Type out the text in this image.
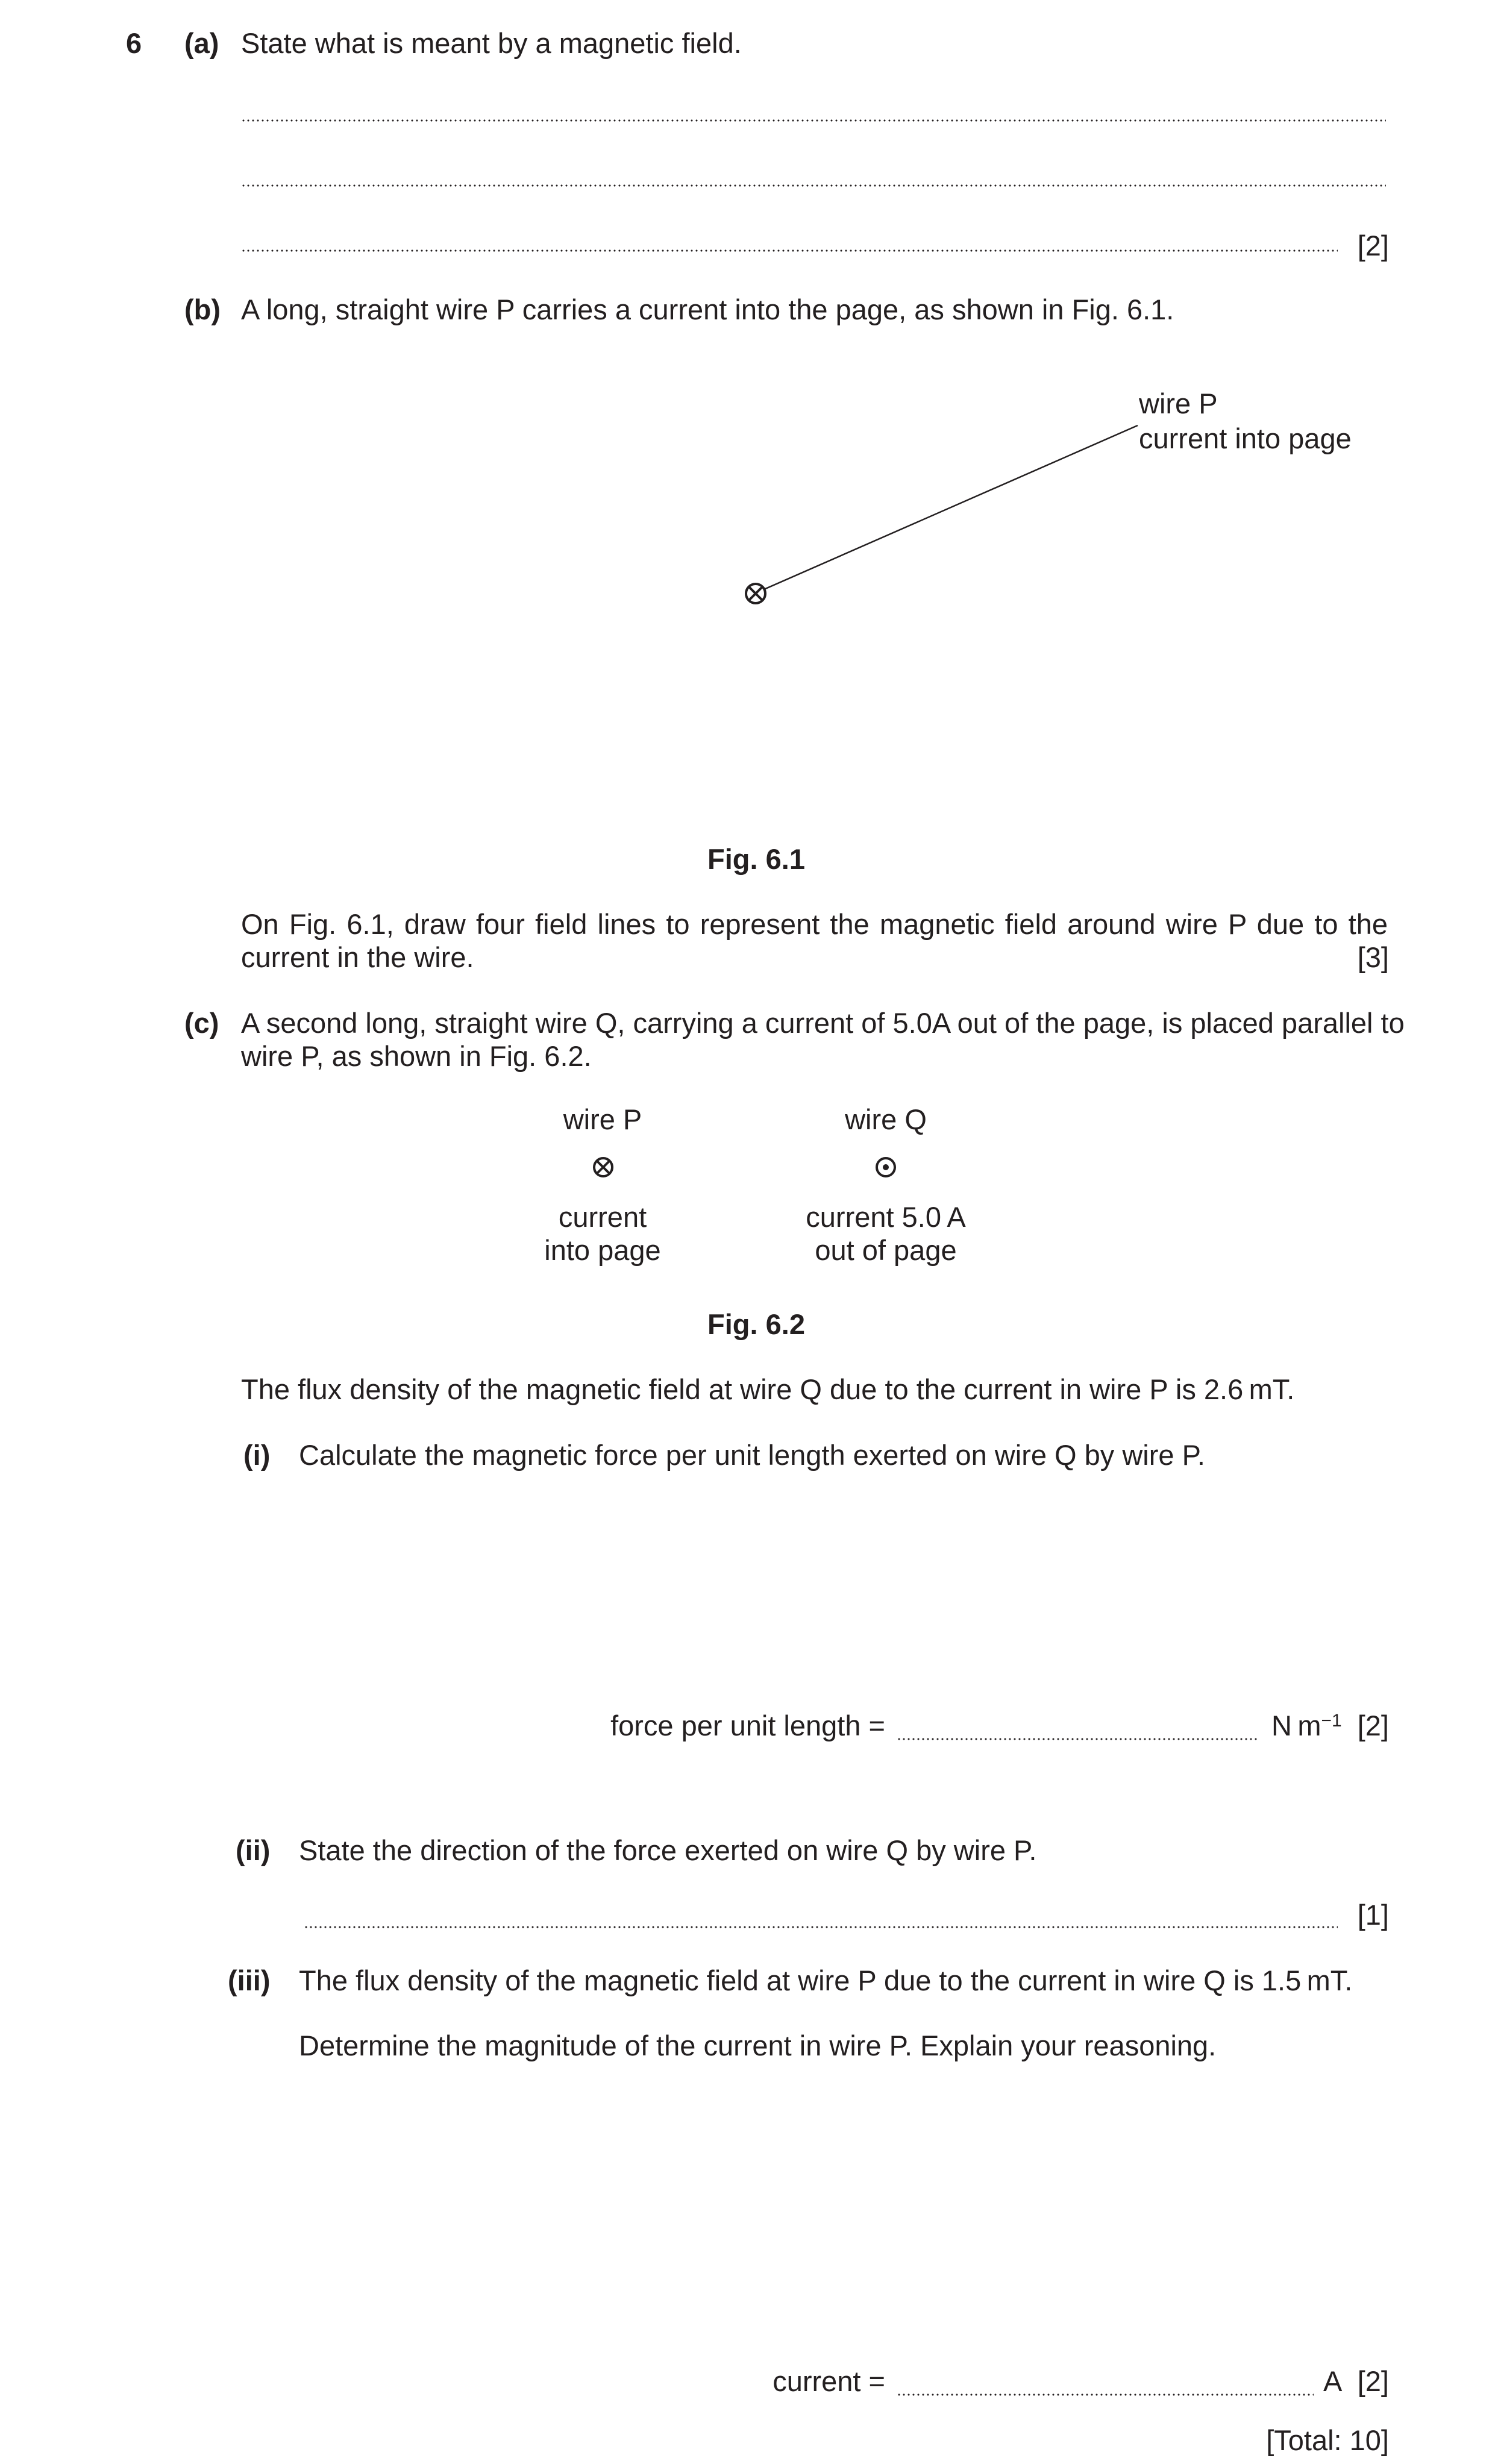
6 (a) State what is meant by a magnetic field.
[2]
(b) A long, straight wire P carries a current into the page, as shown in Fig. 6.1.
wire P
current into page
Fig. 6.1
On Fig. 6.1, draw four field lines to represent the magnetic field around wire P due to the
current in the wire.	[3]
(c) A second long, straight wire Q, carrying a current of 5.0A out of the page, is placed parallel to
wire P, as shown in Fig. 6.2.
wire P	wire Q
current
into page
current 5.0 A
out of page
Fig. 6.2
The flux density of the magnetic field at wire Q due to the current in wire P is 2.6 mT.
(i) Calculate the magnetic force per unit length exerted on wire Q by wire P.
force per unit length =	N $m^{-1}$ [2]
(ii) State the direction of the force exerted on wire Q by wire P.
[1]
(iii) The flux density of the magnetic field at wire P due to the current in wire Q is 1.5 mT.
Determine the magnitude of the current in wire P. Explain your reasoning.
current =	A [2]
[Total: 10]
